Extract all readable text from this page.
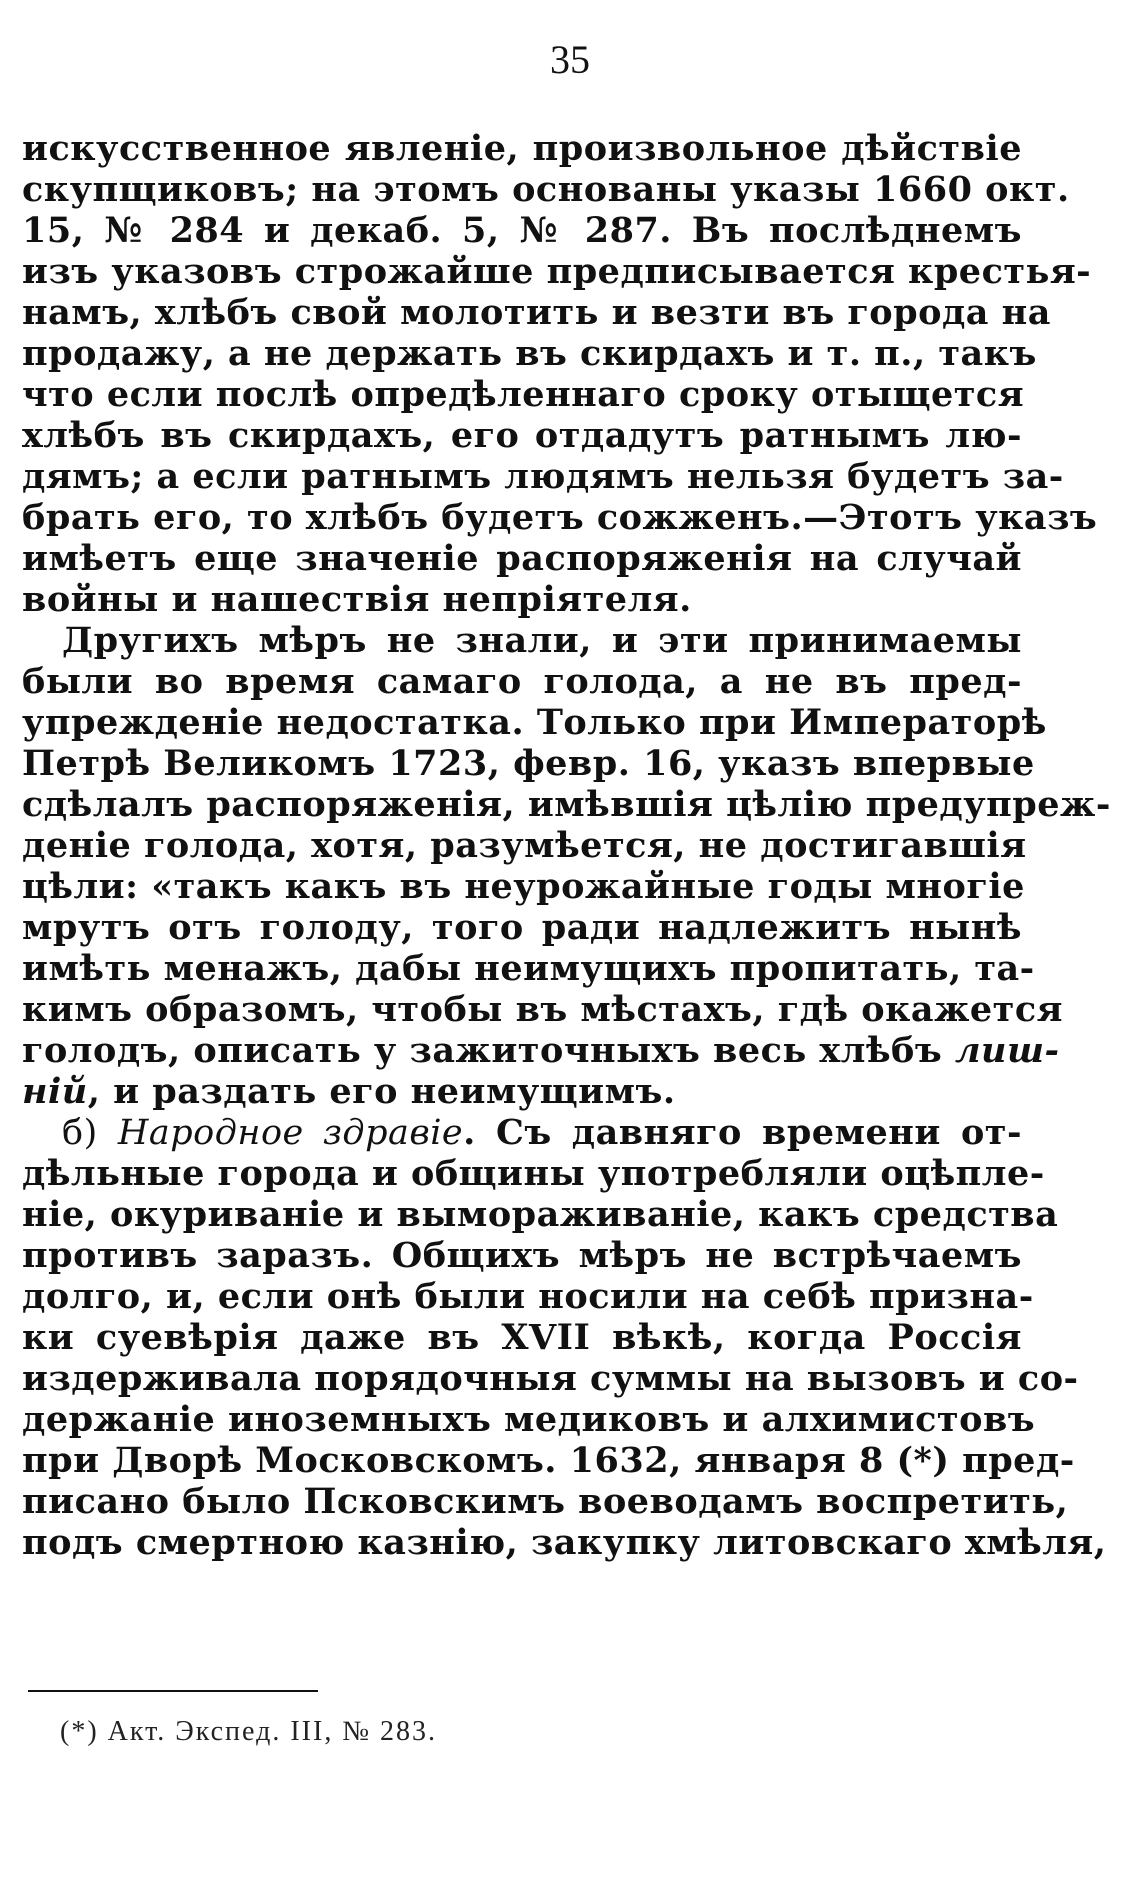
35
искусственное явленіе, произвольное дѣйствіе
скупщиковъ; на этомъ основаны указы 1660 окт.
15, № 284 и декаб. 5, № 287. Въ послѣднемъ
изъ указовъ строжайше предписывается крестья-
намъ, хлѣбъ свой молотить и везти въ города на
продажу, а не держать въ скирдахъ и т. п., такъ
что если послѣ опредѣленнаго сроку отыщется
хлѣбъ въ скирдахъ, его отдадутъ ратнымъ лю-
дямъ; а если ратнымъ людямъ нельзя будетъ за-
брать его, то хлѣбъ будетъ сожженъ.—Этотъ указъ
имѣетъ еще значеніе распоряженія на случай
войны и нашествія непріятеля.
Другихъ мѣръ не знали, и эти принимаемы
были во время самаго голода, а не въ пред-
упрежденіе недостатка. Только при Императорѣ
Петрѣ Великомъ 1723, февр. 16, указъ впервые
сдѣлалъ распоряженія, имѣвшія цѣлію предупреж-
деніе голода, хотя, разумѣется, не достигавшія
цѣли: «такъ какъ въ неурожайные годы многіе
мрутъ отъ голоду, того ради надлежитъ нынѣ
имѣть менажъ, дабы неимущихъ пропитать, та-
кимъ образомъ, чтобы въ мѣстахъ, гдѣ окажется
голодъ, описать у зажиточныхъ весь хлѣбъ лиш-
ній, и раздать его неимущимъ.
б) Народное здравіе. Съ давняго времени от-
дѣльные города и общины употребляли оцѣпле-
ніе, окуриваніе и вымораживаніе, какъ средства
противъ заразъ. Общихъ мѣръ не встрѣчаемъ
долго, и, если онѣ были носили на себѣ призна-
ки суевѣрія даже въ XVII вѣкѣ, когда Россія
издерживала порядочныя суммы на вызовъ и со-
держаніе иноземныхъ медиковъ и алхимистовъ
при Дворѣ Московскомъ. 1632, января 8 (*) пред-
писано было Псковскимъ воеводамъ воспретить,
подъ смертною казнію, закупку литовскаго хмѣля,
(*) Акт. Экспед. III, № 283.
